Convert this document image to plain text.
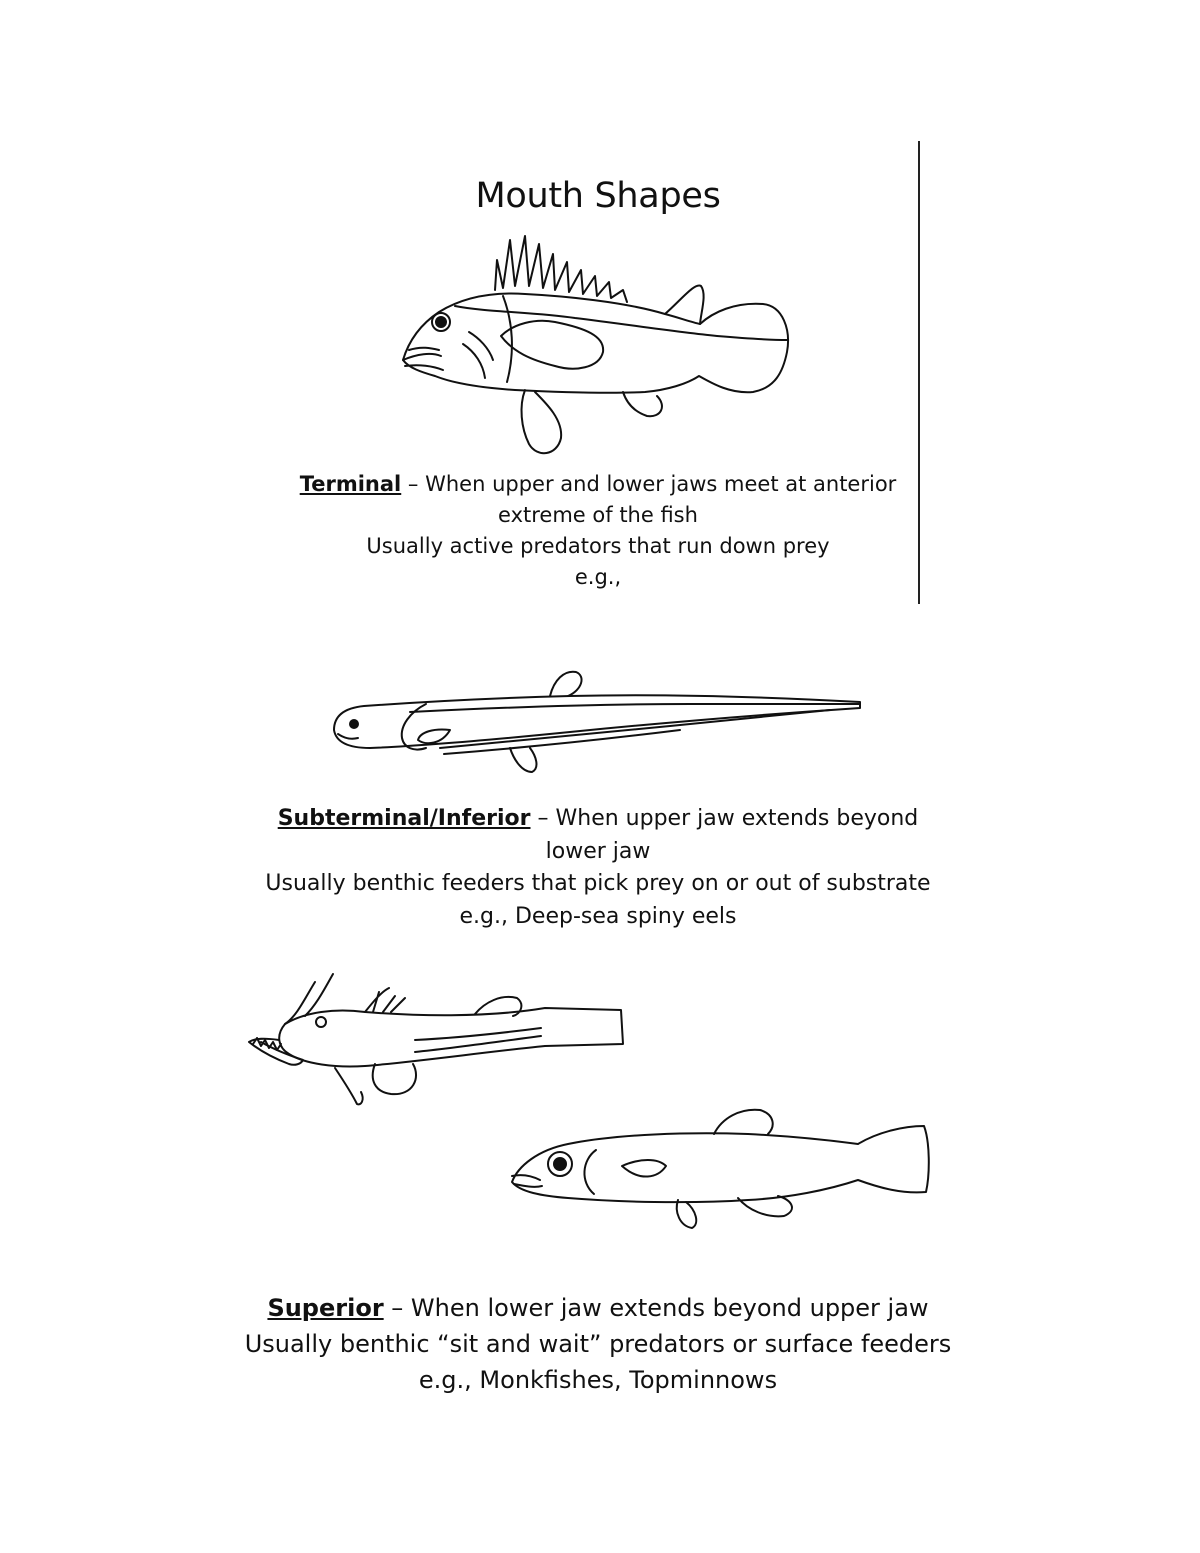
Mouth Shapes
Terminal – When upper and lower jaws meet at anterior
extreme of the fish
Usually active predators that run down prey
e.g.,
Subterminal/Inferior – When upper jaw extends beyond
lower jaw
Usually benthic feeders that pick prey on or out of substrate
e.g., Deep-sea spiny eels
Superior – When lower jaw extends beyond upper jaw
Usually benthic “sit and wait” predators or surface feeders
e.g., Monkfishes, Topminnows
